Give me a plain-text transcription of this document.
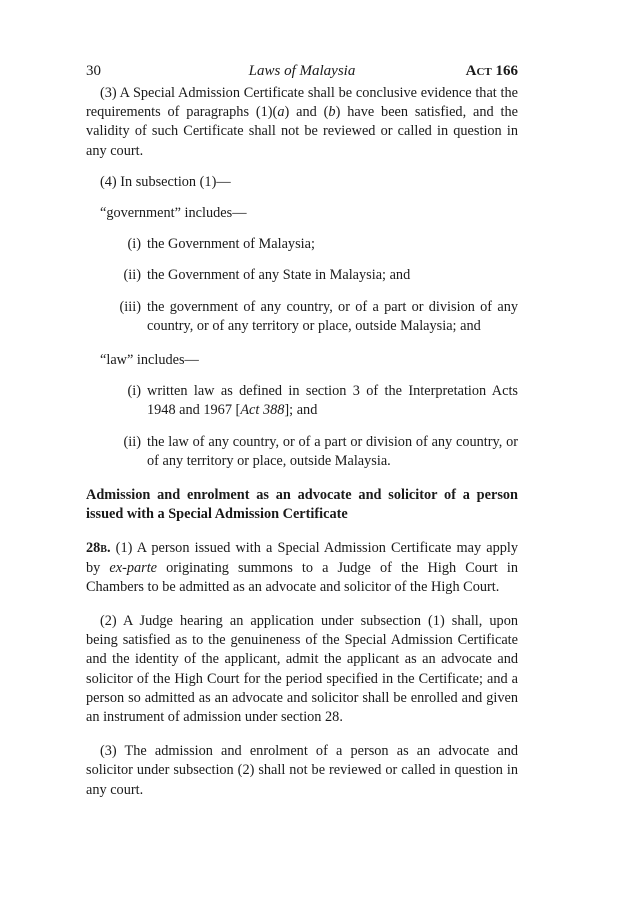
30	Laws of Malaysia	Act 166

(3) A Special Admission Certificate shall be conclusive evidence that the requirements of paragraphs (1)(a) and (b) have been satisfied, and the validity of such Certificate shall not be reviewed or called in question in any court.

(4) In subsection (1)—

“government” includes—

(i) the Government of Malaysia;
(ii) the Government of any State in Malaysia; and
(iii) the government of any country, or of a part or division of any country, or of any territory or place, outside Malaysia; and

“law” includes—

(i) written law as defined in section 3 of the Interpretation Acts 1948 and 1967 [Act 388]; and
(ii) the law of any country, or of a part or division of any country, or of any territory or place, outside Malaysia.

Admission and enrolment as an advocate and solicitor of a person issued with a Special Admission Certificate

28b. (1) A person issued with a Special Admission Certificate may apply by ex-parte originating summons to a Judge of the High Court in Chambers to be admitted as an advocate and solicitor of the High Court.

(2) A Judge hearing an application under subsection (1) shall, upon being satisfied as to the genuineness of the Special Admission Certificate and the identity of the applicant, admit the applicant as an advocate and solicitor of the High Court for the period specified in the Certificate; and a person so admitted as an advocate and solicitor shall be enrolled and given an instrument of admission under section 28.

(3) The admission and enrolment of a person as an advocate and solicitor under subsection (2) shall not be reviewed or called in question in any court.
